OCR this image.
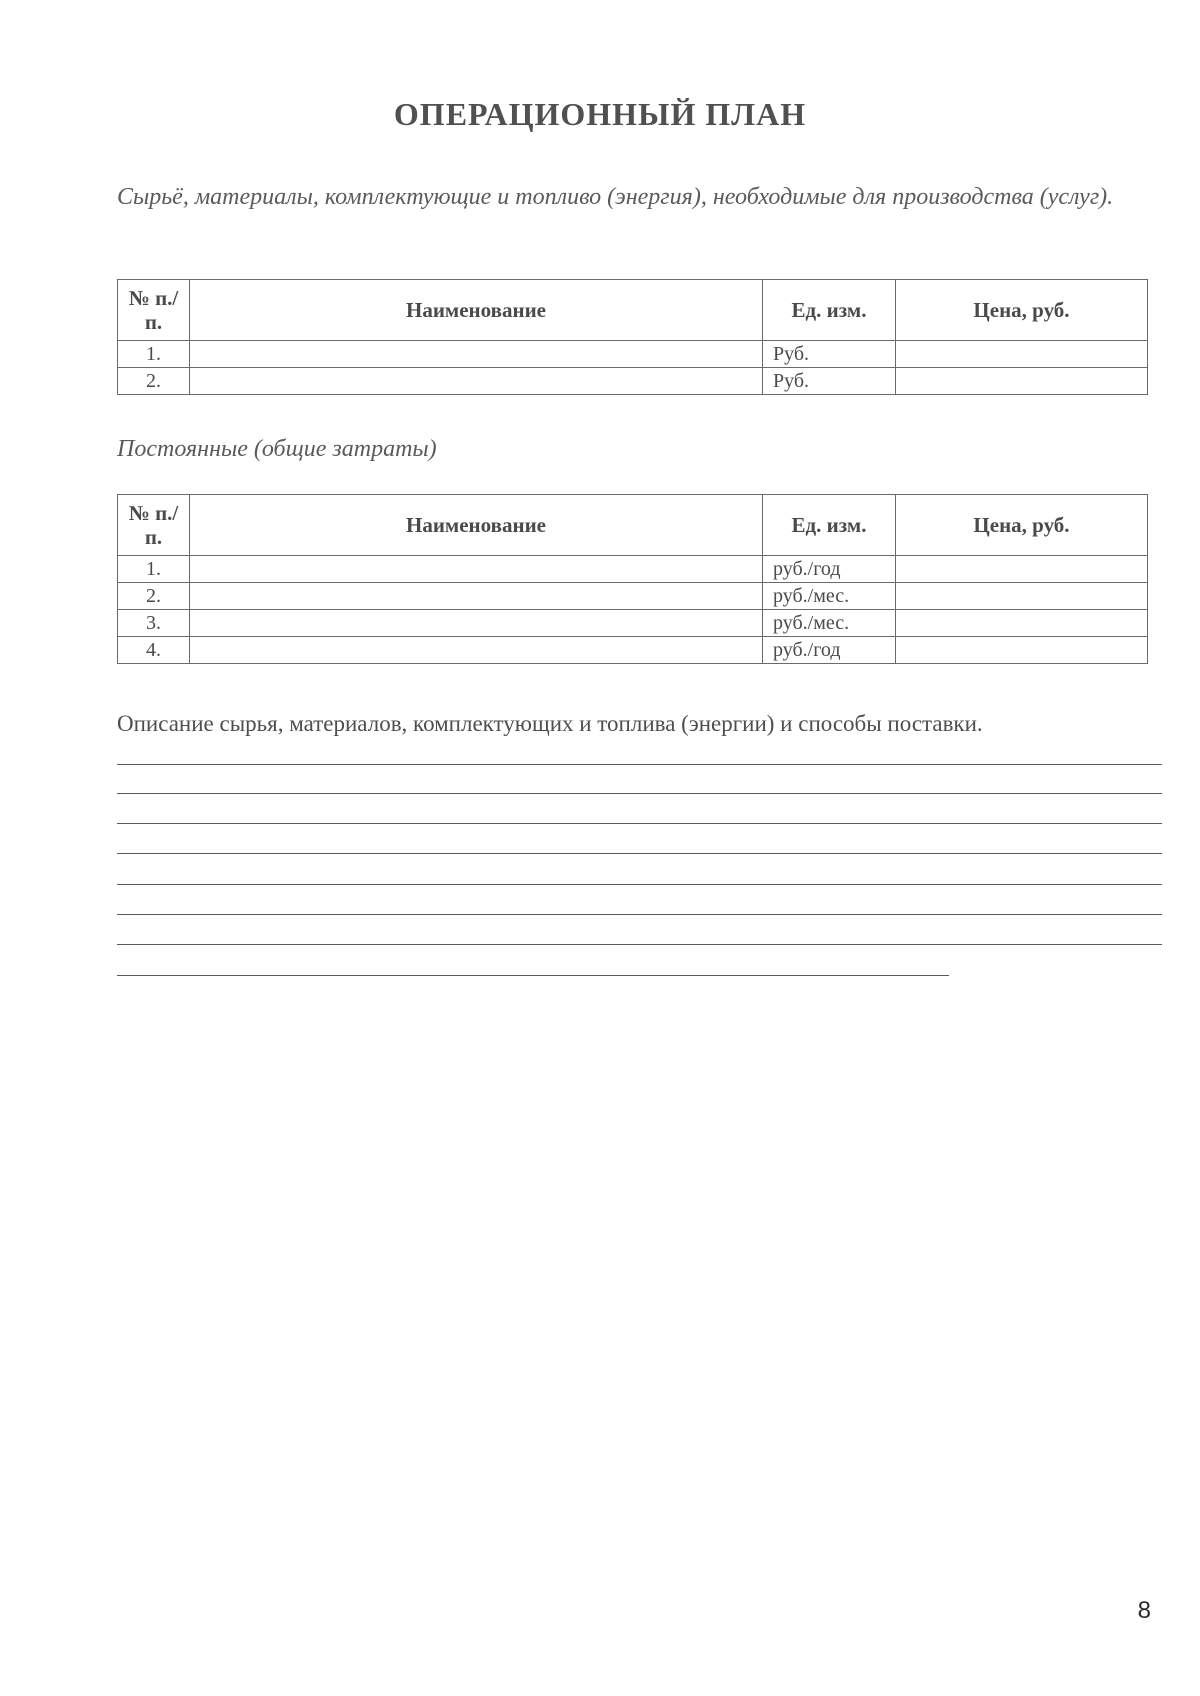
ОПЕРАЦИОННЫЙ ПЛАН

Сырьё, материалы, комплектующие и топливо (энергия), необходимые для производства (услуг).

№ п./п.	Наименование	Ед. изм.	Цена, руб.
1.		Руб.	
2.		Руб.	

Постоянные (общие затраты)

№ п./п.	Наименование	Ед. изм.	Цена, руб.
1.		руб./год	
2.		руб./мес.	
3.		руб./мес.	
4.		руб./год	

Описание сырья, материалов, комплектующих и топлива (энергии) и способы поставки.

8
